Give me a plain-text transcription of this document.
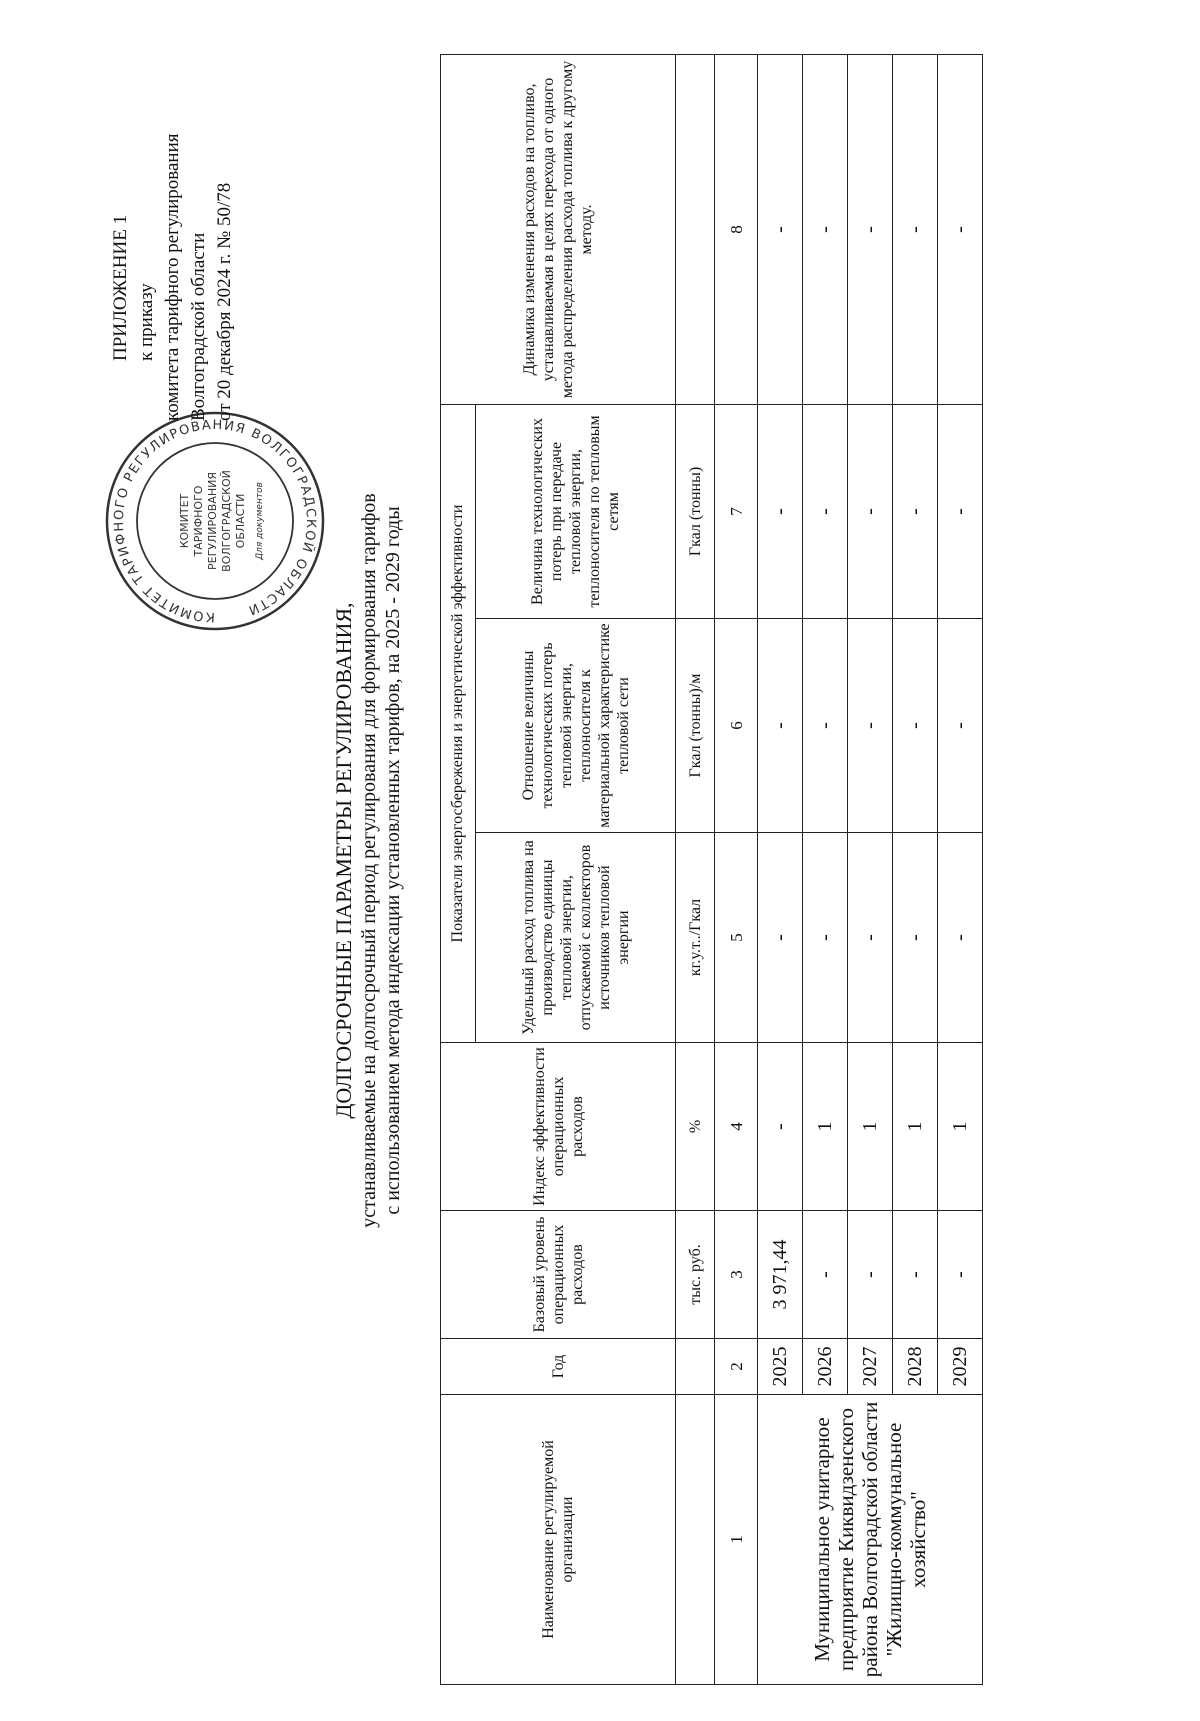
КОМИТЕТ ТАРИФНОГО РЕГУЛИРОВАНИЯ ВОЛГОГРАДСКОЙ ОБЛАСТИ
КОМИТЕТ ТАРИФНОГО РЕГУЛИРОВАНИЯ ВОЛГОГРАДСКОЙ ОБЛАСТИ Для документов
ПРИЛОЖЕНИЕ 1 к приказу комитета тарифного регулирования Волгоградской области от 20 декабря 2024 г. № 50/78
ДОЛГОСРОЧНЫЕ ПАРАМЕТРЫ РЕГУЛИРОВАНИЯ, устанавливаемые на долгосрочный период регулирования для формирования тарифов с использованием метода индексации установленных тарифов, на 2025 - 2029 годы
Наименование регулируемой организации	Год	Базовый уровень операционных расходов	Индекс эффективности операционных расходов	Показатели энергосбережения и энергетической эффективности			Динамика изменения расходов на топливо, устанавливаемая в целях перехода от одного метода распределения расхода топлива к другому методу.
				Удельный расход топлива на производство единицы тепловой энергии, отпускаемой с коллекторов источников тепловой энергии	Отношение величины технологических потерь тепловой энергии, теплоносителя к материальной характеристике тепловой сети	Величина технологических потерь при передаче тепловой энергии, теплоносителя по тепловым сетям	
		тыс. руб.	%	кг.у.т../Гкал	Гкал (тонны)/м	Гкал (тонны)	
1	2	3	4	5	6	7	8
Муниципальное унитарное предприятие Киквидзенского района Волгоградской области "Жилищно-коммунальное хозяйство"	2025	3 971,44	-	-	-	-	-
	2026	-	1	-	-	-	-
	2027	-	1	-	-	-	-
	2028	-	1	-	-	-	-
	2029	-	1	-	-	-	-
